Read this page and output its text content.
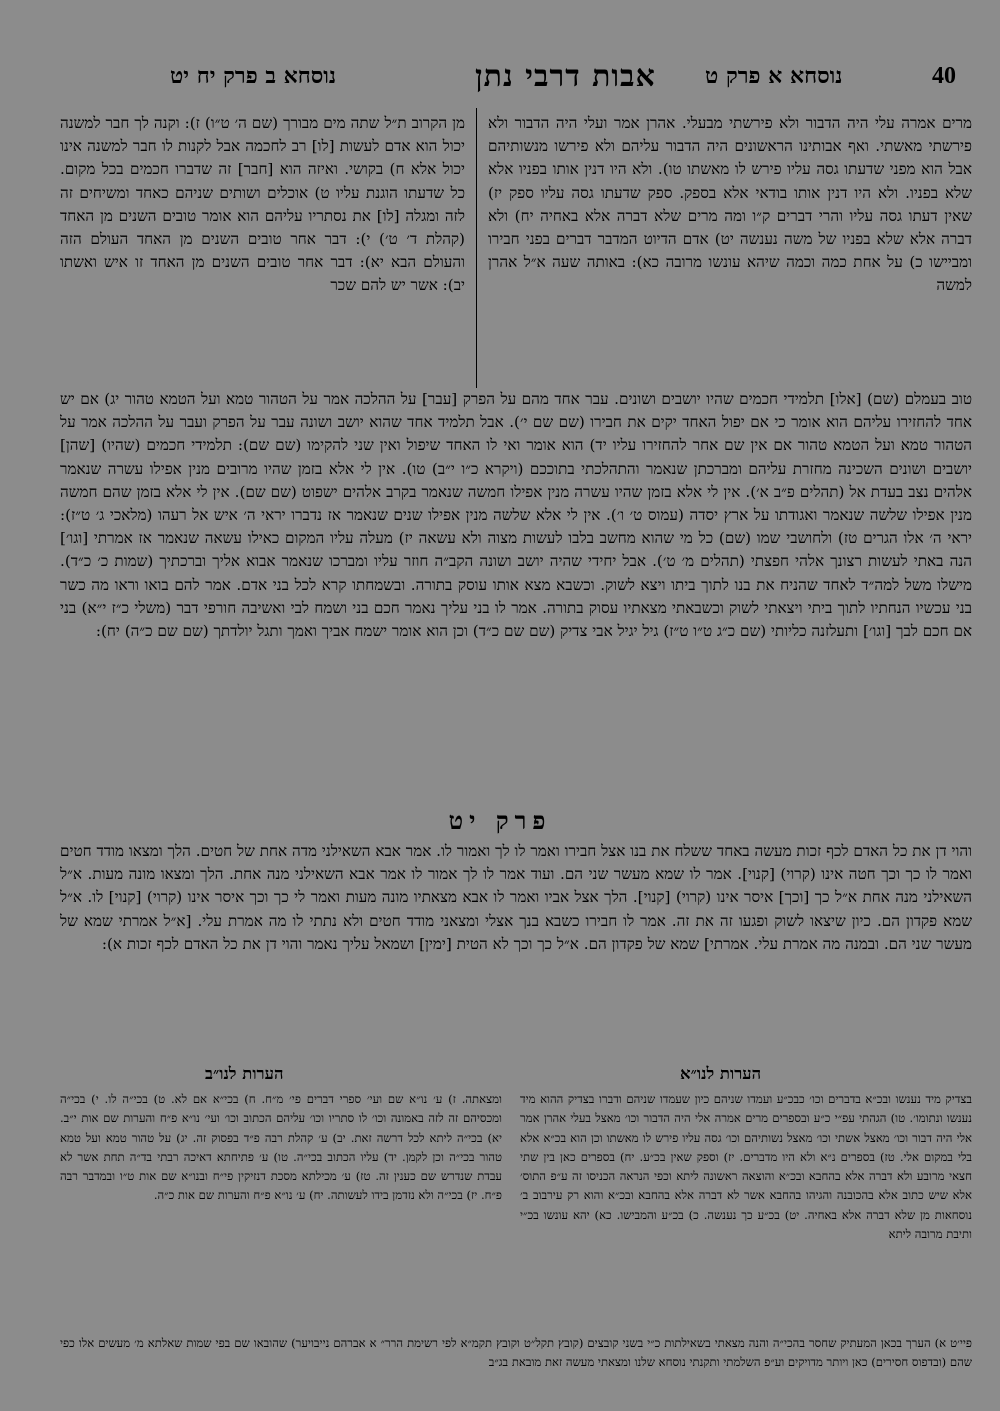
נוסחא ב פרק יח יט	אבות דרבי נתן נוסחא א פרק ט	40
מרים אמרה עלי היה הדבור ולא פירשתי מבעלי. אהרן אמר ועלי היה הדבור ולא פירשתי מאשתי. ואף אבותינו הראשונים היה הדבור עליהם ולא פירשו מנשותיהם אבל הוא מפני שדעתו גסה עליו פירש לו מאשתו טו). ולא היו דנין אותו בפניו אלא שלא בפניו. ולא היו דנין אותו בודאי אלא בספק. ספק שדעתו גסה עליו ספק יז) שאין דעתו גסה עליו והרי דברים ק״ו ומה מרים שלא דברה אלא באחיה יח) ולא דברה אלא שלא בפניו של משה נענשה יט) אדם הדיוט המדבר דברים בפני חבירו ומביישו כ) על אחת כמה וכמה שיהא עונשו מרובה כא): באותה שעה א״ל אהרן למשה
מן הקרוב ת״ל שתה מים מבורך (שם ה׳ ט״ו) ז): וקנה לך חבר למשנה יכול הוא אדם לעשות [לו] רב לחכמה אבל לקנות לו חבר למשנה אינו יכול אלא ח) בקושי. ואיזה הוא [חבר] זה שדברו חכמים בכל מקום. כל שדעתו הוגנת עליו ט) אוכלים ושותים שניהם כאחד ומשיחים זה לזה ומגלה [לו] את נסתריו עליהם הוא אומר טובים השנים מן האחד (קהלת ד׳ ט׳) י): דבר אחר טובים השנים מן האחד העולם הזה והעולם הבא יא): דבר אחר טובים השנים מן האחד זו איש ואשתו יב): אשר יש להם שכר
טוב בעמלם (שם) [אלו] תלמידי חכמים שהיו יושבים ושונים. עבר אחד מהם על הפרק [עבר] על ההלכה אמר על הטהור טמא ועל הטמא טהור יג) אם יש אחד להחזירו עליהם הוא אומר כי אם יפול האחד יקים את חבירו (שם שם י׳). אבל תלמיד אחד שהוא יושב ושונה עבר על הפרק ועבר על ההלכה אמר על הטהור טמא ועל הטמא טהור אם אין שם אחר להחזירו עליו יד) הוא אומר ואי לו האחד שיפול ואין שני להקימו (שם שם): תלמידי חכמים (שהיו) [שהן] יושבים ושונים השכינה מחזרת עליהם ומברכתן שנאמר והתהלכתי בתוככם (ויקרא כ״ו י״ב) טו). אין לי אלא בזמן שהיו מרובים מנין אפילו עשרה שנאמר אלהים נצב בעדת אל (תהלים פ״ב א׳). אין לי אלא בזמן שהיו עשרה מנין אפילו חמשה שנאמר בקרב אלהים ישפוט (שם שם). אין לי אלא בזמן שהם חמשה מנין אפילו שלשה שנאמר ואגודתו על ארץ יסדה (עמוס ט׳ ו׳). אין לי אלא שלשה מנין אפילו שנים שנאמר אז נדברו יראי ה׳ איש אל רעהו (מלאכי ג׳ ט״ז): יראי ה׳ אלו הגרים טז) ולחושבי שמו (שם) כל מי שהוא מחשב בלבו לעשות מצוה ולא עשאה יז) מעלה עליו המקום כאילו עשאה שנאמר אז אמרתי [וגו׳] הנה באתי לעשות רצונך אלהי חפצתי (תהלים מ׳ ט׳). אבל יחידי שהיה יושב ושונה הקב״ה חוזר עליו ומברכו שנאמר אבוא אליך וברכתיך (שמות כ׳ כ״ד). מישלו משל למה״ד לאחד שהניח את בנו לתוך ביתו ויצא לשוק. וכשבא מצא אותו עוסק בתורה. ובשמחתו קרא לכל בני אדם. אמר להם בואו וראו מה כשר בני עכשיו הנחתיו לתוך ביתי ויצאתי לשוק וכשבאתי מצאתיו עסוק בתורה. אמר לו בני עליך נאמר חכם בני ושמח לבי ואשיבה חורפי דבר (משלי כ״ז י״א) בני אם חכם לבך [וגו׳] ותעלזנה כליותי (שם כ״ג ט״ו ט״ז) גיל יגיל אבי צדיק (שם שם כ״ד) וכן הוא אומר ישמח אביך ואמך ותגל יולדתך (שם שם כ״ה) יח):
פרק יט
והוי דן את כל האדם לכף זכות מעשה באחד ששלח את בנו אצל חבירו ואמר לו לך ואמור לו. אמר אבא השאילני מדה אחת של חטים. הלך ומצאו מודד חטים ואמר לו כך וכך חטה אינו (קרוי) [קנוי]. אמר לו שמא מעשר שני הם. ועוד אמר לו לך אמור לו אמר אבא השאילני מנה אחת. הלך ומצאו מונה מעות. א״ל השאילני מנה אחת א״ל כך [וכך] איסר אינו (קרוי) [קנוי]. הלך אצל אביו ואמר לו אבא מצאתיו מונה מעות ואמר לי כך וכך איסר אינו (קרוי) [קנוי] לו. א״ל שמא פקדון הם. כיון שיצאו לשוק ופגעו זה את זה. אמר לו חבירו כשבא בנך אצלי ומצאני מודד חטים ולא נתתי לו מה אמרת עלי. [א״ל אמרתי שמא של מעשר שני הם. ובמנה מה אמרת עלי. אמרתי] שמא של פקדון הם. א״ל כך וכך לא הטית [ימין] ושמאל עליך נאמר והוי דן את כל האדם לכף זכות א):
הערות לנו״א
הערות לנו״ב
בצדיק מיד נענשו ובכ״א בדברים וכו׳ כבכ״ע ועמדו שניהם כיון שעמדו שניהם ודברו בצדיק ההוא מיד נענשו ונתומו׳. טו) הגהתי עפ״י כ״ע ובספרים מרים אמרה אלי היה הדבור וכו׳ מאצל בעלי אהרן אמר אלי היה דבור וכו׳ מאצל אשתי וכו׳ מאצל נשותיהם וכו׳ גסה עליו פירש לו מאשתו וכן הוא בכ״א אלא בלי במקום אלי. טז) בספרים נ״א ולא היו מדברים. יז) וספק שאין בכ״ע. יח) בספרים כאן בין שתי חצאי מרובע ולא דברה אלא בהחבא ובכ״א והוצאה ראשונה ליתא וכפי הנראה הכניסו זה ע״פ התוס׳ אלא שיש כתוב אלא בהכובנה והגיהו בהחבא אשר לא דברה אלא בהחבא ובכ״א והוא רק עירבוב ב׳ נוסחאות מן שלא דברה אלא באחיה. יט) בכ״ע כך נענשה. כ) בכ״ע והמבישו. כא) יהא עונשו בכ״י ותיבת מרובה ליתא
ומצאתה. ז) ע׳ נו״א שם ועי׳ ספרי דברים פי׳ מ״ח. ח) בכי״א אם לא. ט) בכי״ה לו. י) בכי״ה ומכסיהם זה לזה באמונה וכו׳ לו סתריו וכו׳ עליהם הכתוב וכו׳ ועי׳ נו״א פ״ח והערות שם אות י״ב. יא) בכי״ה ליתא לכל דרשה זאת. יב) ע׳ קהלת רבה פ״ד בפסוק זה. יג) על טהור טמא ועל טמא טהור בכי״ה וכן לקמן. יד) עליו הכתוב בכי״ה. טו) ע׳ פתיחתא דאיכה רבתי בד״ה תחת אשר לא עבדת שנדרש שם כענין זה. טז) ע׳ מכילתא מסכת דנזיקין פי״ח ובנו״א שם אות ט״ו ובמדבר רבה פ״ח. יז) בכי״ה ולא נזדמן בידו לעשותה. יח) ע׳ נו״א פ״ח והערות שם אות כ״ה.
פיי׳ט א) הערך בכאן המעתיק שחסר בהכי״ה והנה מצאתי בשאילתות כ״י בשני קובצים (קובץ תקל״ט וקובץ תקמ״א לפי רשימת הרר״ א אברהם נייבויער) שהובאו שם בפי שמות שאלתא מ׳ מעשים אלו כפי שהם (ובדפוס חסירים) כאן ויותר מדויקים וע״פ השלמתי ותקנתי נוסחא שלנו ומצאתי מעשה זאת מובאת בג״ב
